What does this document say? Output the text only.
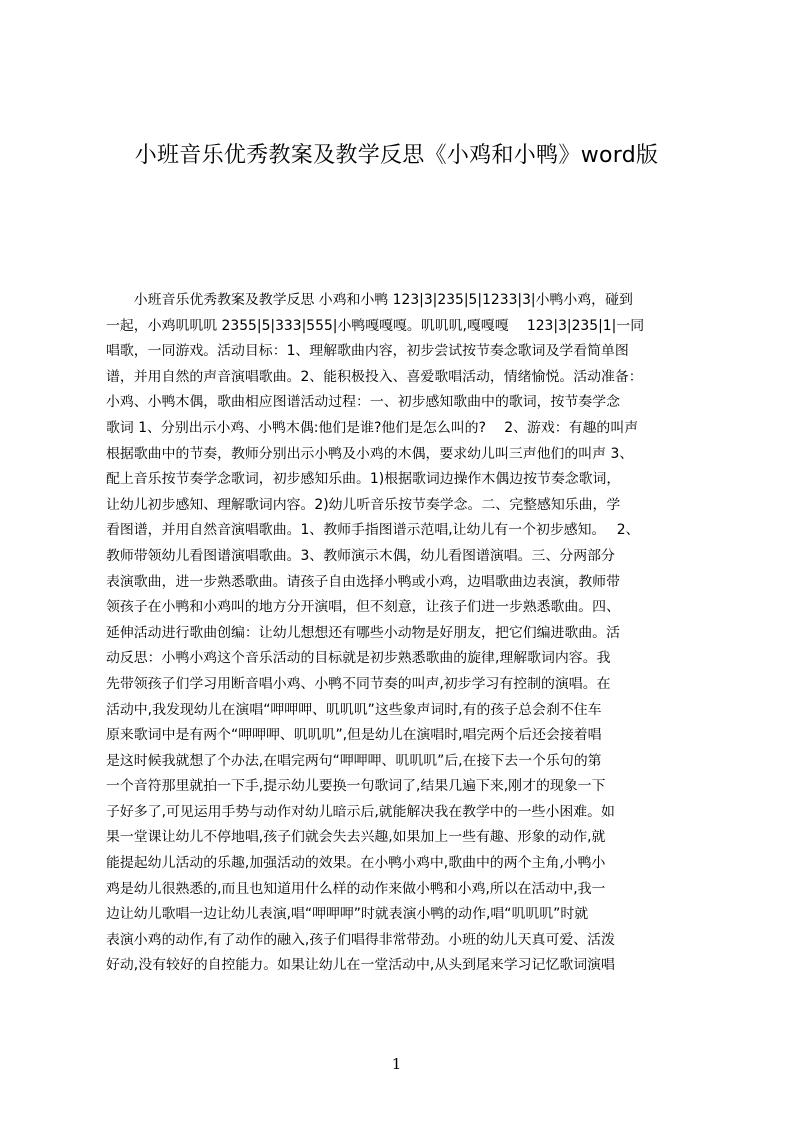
小班音乐优秀教案及教学反思《小鸡和小鸭》word版
　　小班音乐优秀教案及教学反思 小鸡和小鸭 123|3|235|5|1233|3|小鸭小鸡，碰到
一起，小鸡叽叽叽 2355|5|333|555|小鸭嘎嘎嘎。叽叽叽,嘎嘎嘎　 123|3|235|1|一同
唱歌，一同游戏。活动目标：1、理解歌曲内容，初步尝试按节奏念歌词及学看简单图
谱，并用自然的声音演唱歌曲。2、能积极投入、喜爱歌唱活动，情绪愉悦。活动准备：
小鸡、小鸭木偶，歌曲相应图谱活动过程：一、初步感知歌曲中的歌词，按节奏学念
歌词 1、分别出示小鸡、小鸭木偶:他们是谁?他们是怎么叫的?　 2、游戏：有趣的叫声
根据歌曲中的节奏，教师分别出示小鸭及小鸡的木偶，要求幼儿叫三声他们的叫声 3、
配上音乐按节奏学念歌词，初步感知乐曲。1)根据歌词边操作木偶边按节奏念歌词，
让幼儿初步感知、理解歌词内容。2)幼儿听音乐按节奏学念。二、完整感知乐曲，学
看图谱，并用自然音演唱歌曲。1、教师手指图谱示范唱,让幼儿有一个初步感知。　 2、
教师带领幼儿看图谱演唱歌曲。3、教师演示木偶，幼儿看图谱演唱。三、分两部分
表演歌曲，进一步熟悉歌曲。请孩子自由选择小鸭或小鸡，边唱歌曲边表演，教师带
领孩子在小鸭和小鸡叫的地方分开演唱，但不刻意，让孩子们进一步熟悉歌曲。四、
延伸活动进行歌曲创编：让幼儿想想还有哪些小动物是好朋友，把它们编进歌曲。活
动反思：小鸭小鸡这个音乐活动的目标就是初步熟悉歌曲的旋律,理解歌词内容。我
先带领孩子们学习用断音唱小鸡、小鸭不同节奏的叫声,初步学习有控制的演唱。在
活动中,我发现幼儿在演唱“呷呷呷、叽叽叽”这些象声词时,有的孩子总会刹不住车
原来歌词中是有两个“呷呷呷、叽叽叽”,但是幼儿在演唱时,唱完两个后还会接着唱
是这时候我就想了个办法,在唱完两句“呷呷呷、叽叽叽”后,在接下去一个乐句的第
一个音符那里就拍一下手,提示幼儿要换一句歌词了,结果几遍下来,刚才的现象一下
子好多了,可见运用手势与动作对幼儿暗示后,就能解决我在教学中的一些小困难。如
果一堂课让幼儿不停地唱,孩子们就会失去兴趣,如果加上一些有趣、形象的动作,就
能提起幼儿活动的乐趣,加强活动的效果。在小鸭小鸡中,歌曲中的两个主角,小鸭小
鸡是幼儿很熟悉的,而且也知道用什么样的动作来做小鸭和小鸡,所以在活动中,我一
边让幼儿歌唱一边让幼儿表演,唱“呷呷呷”时就表演小鸭的动作,唱“叽叽叽”时就
表演小鸡的动作,有了动作的融入,孩子们唱得非常带劲。小班的幼儿天真可爱、活泼
好动,没有较好的自控能力。如果让幼儿在一堂活动中,从头到尾来学习记忆歌词演唱
1
